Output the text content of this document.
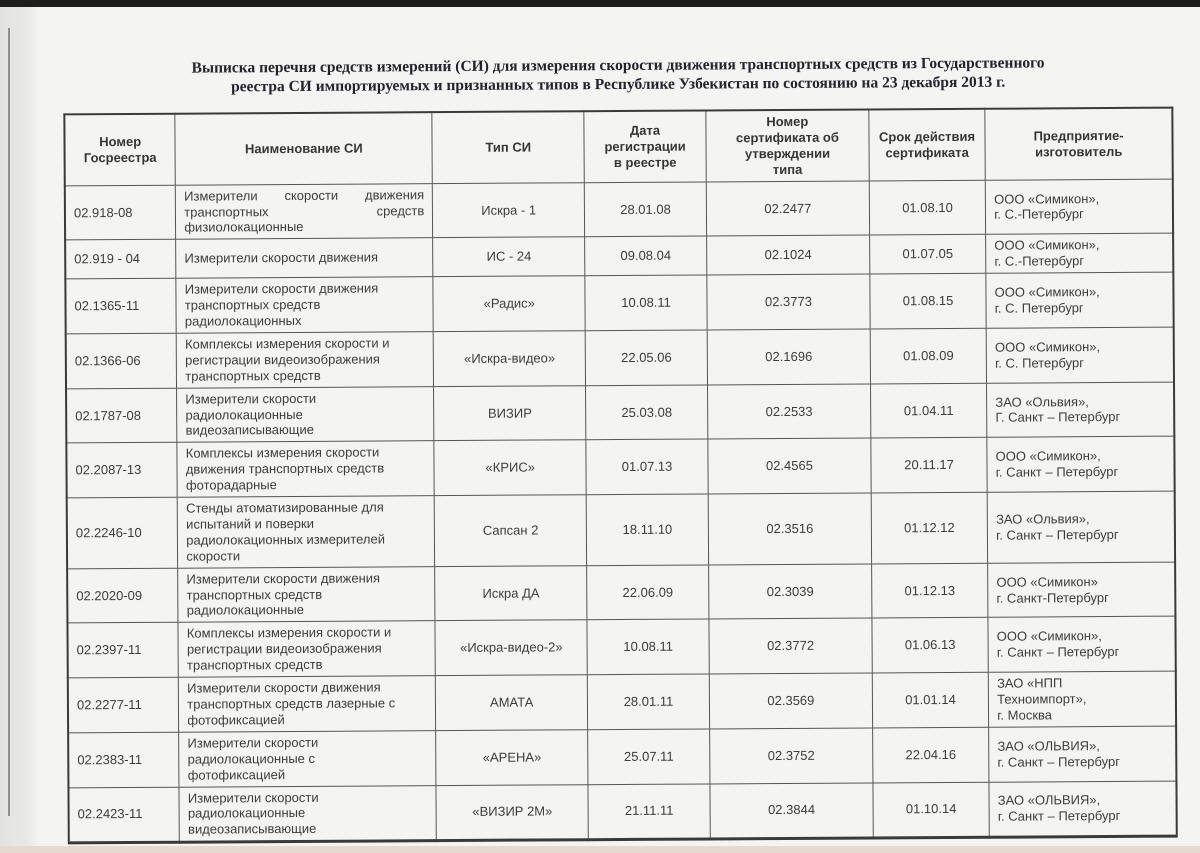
Выписка перечня средств измерений (СИ) для измерения скорости движения транспортных средств из Государственного
реестра СИ импортируемых и признанных типов в Республике Узбекистан по состоянию на 23 декабря 2013 г.
Номер
Госреестра	Наименование СИ	Тип СИ	Дата
регистрации
в реестре	Номер
сертификата об
утверждении
типа	Срок действия
сертификата	Предприятие-
изготовитель
02.918-08	Измерители скорости движения
транспортных средств
физиолокационные	Искра - 1	28.01.08	02.2477	01.08.10	ООО «Симикон»,
г. С.-Петербург
02.919 - 04	Измерители скорости движения	ИС - 24	09.08.04	02.1024	01.07.05	ООО «Симикон»,
г. С.-Петербург
02.1365-11	Измерители скорости движения
транспортных средств
радиолокационных	«Радис»	10.08.11	02.3773	01.08.15	ООО «Симикон»,
г. С. Петербург
02.1366-06	Комплексы измерения скорости и
регистрации видеоизображения
транспортных средств	«Искра-видео»	22.05.06	02.1696	01.08.09	ООО «Симикон»,
г. С. Петербург
02.1787-08	Измерители скорости
радиолокационные
видеозаписывающие	ВИЗИР	25.03.08	02.2533	01.04.11	ЗАО «Ольвия»,
Г. Санкт – Петербург
02.2087-13	Комплексы измерения скорости
движения транспортных средств
фоторадарные	«КРИС»	01.07.13	02.4565	20.11.17	ООО «Симикон»,
г. Санкт – Петербург
02.2246-10	Стенды атоматизированные для
испытаний и поверки
радиолокационных измерителей
скорости	Сапсан 2	18.11.10	02.3516	01.12.12	ЗАО «Ольвия»,
г. Санкт – Петербург
02.2020-09	Измерители скорости движения
транспортных средств
радиолокационные	Искра ДА	22.06.09	02.3039	01.12.13	ООО «Симикон»
г. Санкт-Петербург
02.2397-11	Комплексы измерения скорости и
регистрации видеоизображения
транспортных средств	«Искра-видео-2»	10.08.11	02.3772	01.06.13	ООО «Симикон»,
г. Санкт – Петербург
02.2277-11	Измерители скорости движения
транспортных средств лазерные с
фотофиксацией	АМАТА	28.01.11	02.3569	01.01.14	ЗАО «НПП
Техноимпорт»,
г. Москва
02.2383-11	Измерители скорости
радиолокационные с
фотофиксацией	«АРЕНА»	25.07.11	02.3752	22.04.16	ЗАО «ОЛЬВИЯ»,
г. Санкт – Петербург
02.2423-11	Измерители скорости
радиолокационные
видеозаписывающие	«ВИЗИР 2М»	21.11.11	02.3844	01.10.14	ЗАО «ОЛЬВИЯ»,
г. Санкт – Петербург
